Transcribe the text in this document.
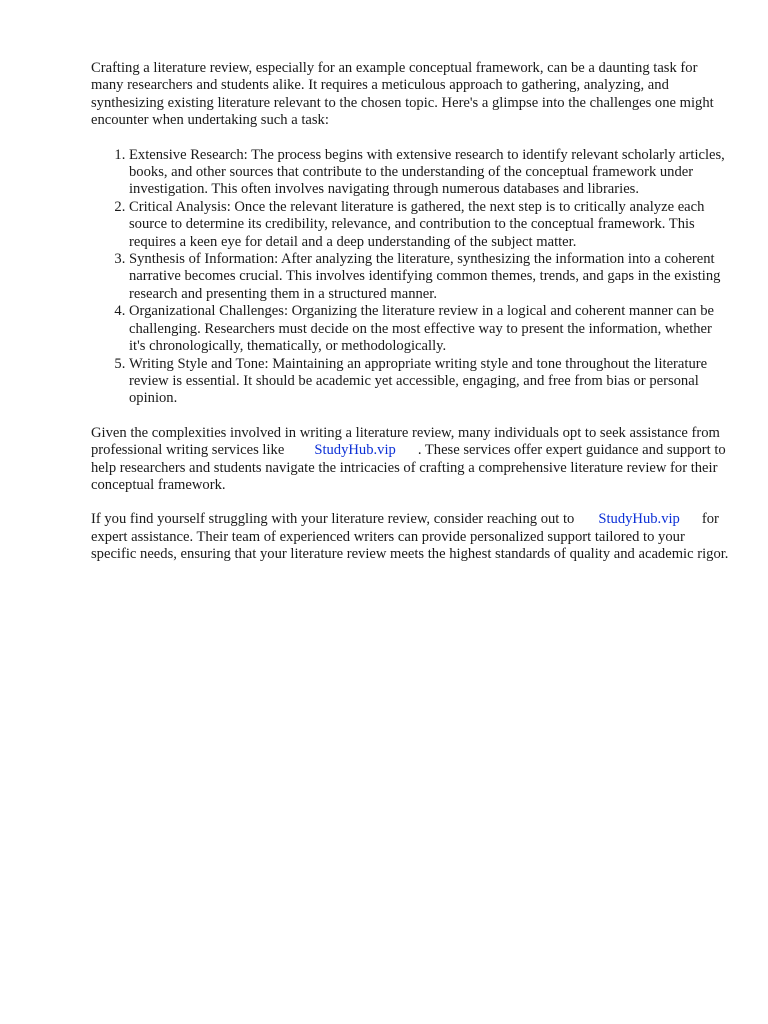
Crafting a literature review, especially for an example conceptual framework, can be a daunting task for many researchers and students alike. It requires a meticulous approach to gathering, analyzing, and synthesizing existing literature relevant to the chosen topic. Here's a glimpse into the challenges one might encounter when undertaking such a task:

1. Extensive Research: The process begins with extensive research to identify relevant scholarly articles, books, and other sources that contribute to the understanding of the conceptual framework under investigation. This often involves navigating through numerous databases and libraries.
2. Critical Analysis: Once the relevant literature is gathered, the next step is to critically analyze each source to determine its credibility, relevance, and contribution to the conceptual framework. This requires a keen eye for detail and a deep understanding of the subject matter.
3. Synthesis of Information: After analyzing the literature, synthesizing the information into a coherent narrative becomes crucial. This involves identifying common themes, trends, and gaps in the existing research and presenting them in a structured manner.
4. Organizational Challenges: Organizing the literature review in a logical and coherent manner can be challenging. Researchers must decide on the most effective way to present the information, whether it's chronologically, thematically, or methodologically.
5. Writing Style and Tone: Maintaining an appropriate writing style and tone throughout the literature review is essential. It should be academic yet accessible, engaging, and free from bias or personal opinion.

Given the complexities involved in writing a literature review, many individuals opt to seek assistance from professional writing services like StudyHub.vip . These services offer expert guidance and support to help researchers and students navigate the intricacies of crafting a comprehensive literature review for their conceptual framework.

If you find yourself struggling with your literature review, consider reaching out to StudyHub.vip for expert assistance. Their team of experienced writers can provide personalized support tailored to your specific needs, ensuring that your literature review meets the highest standards of quality and academic rigor.
